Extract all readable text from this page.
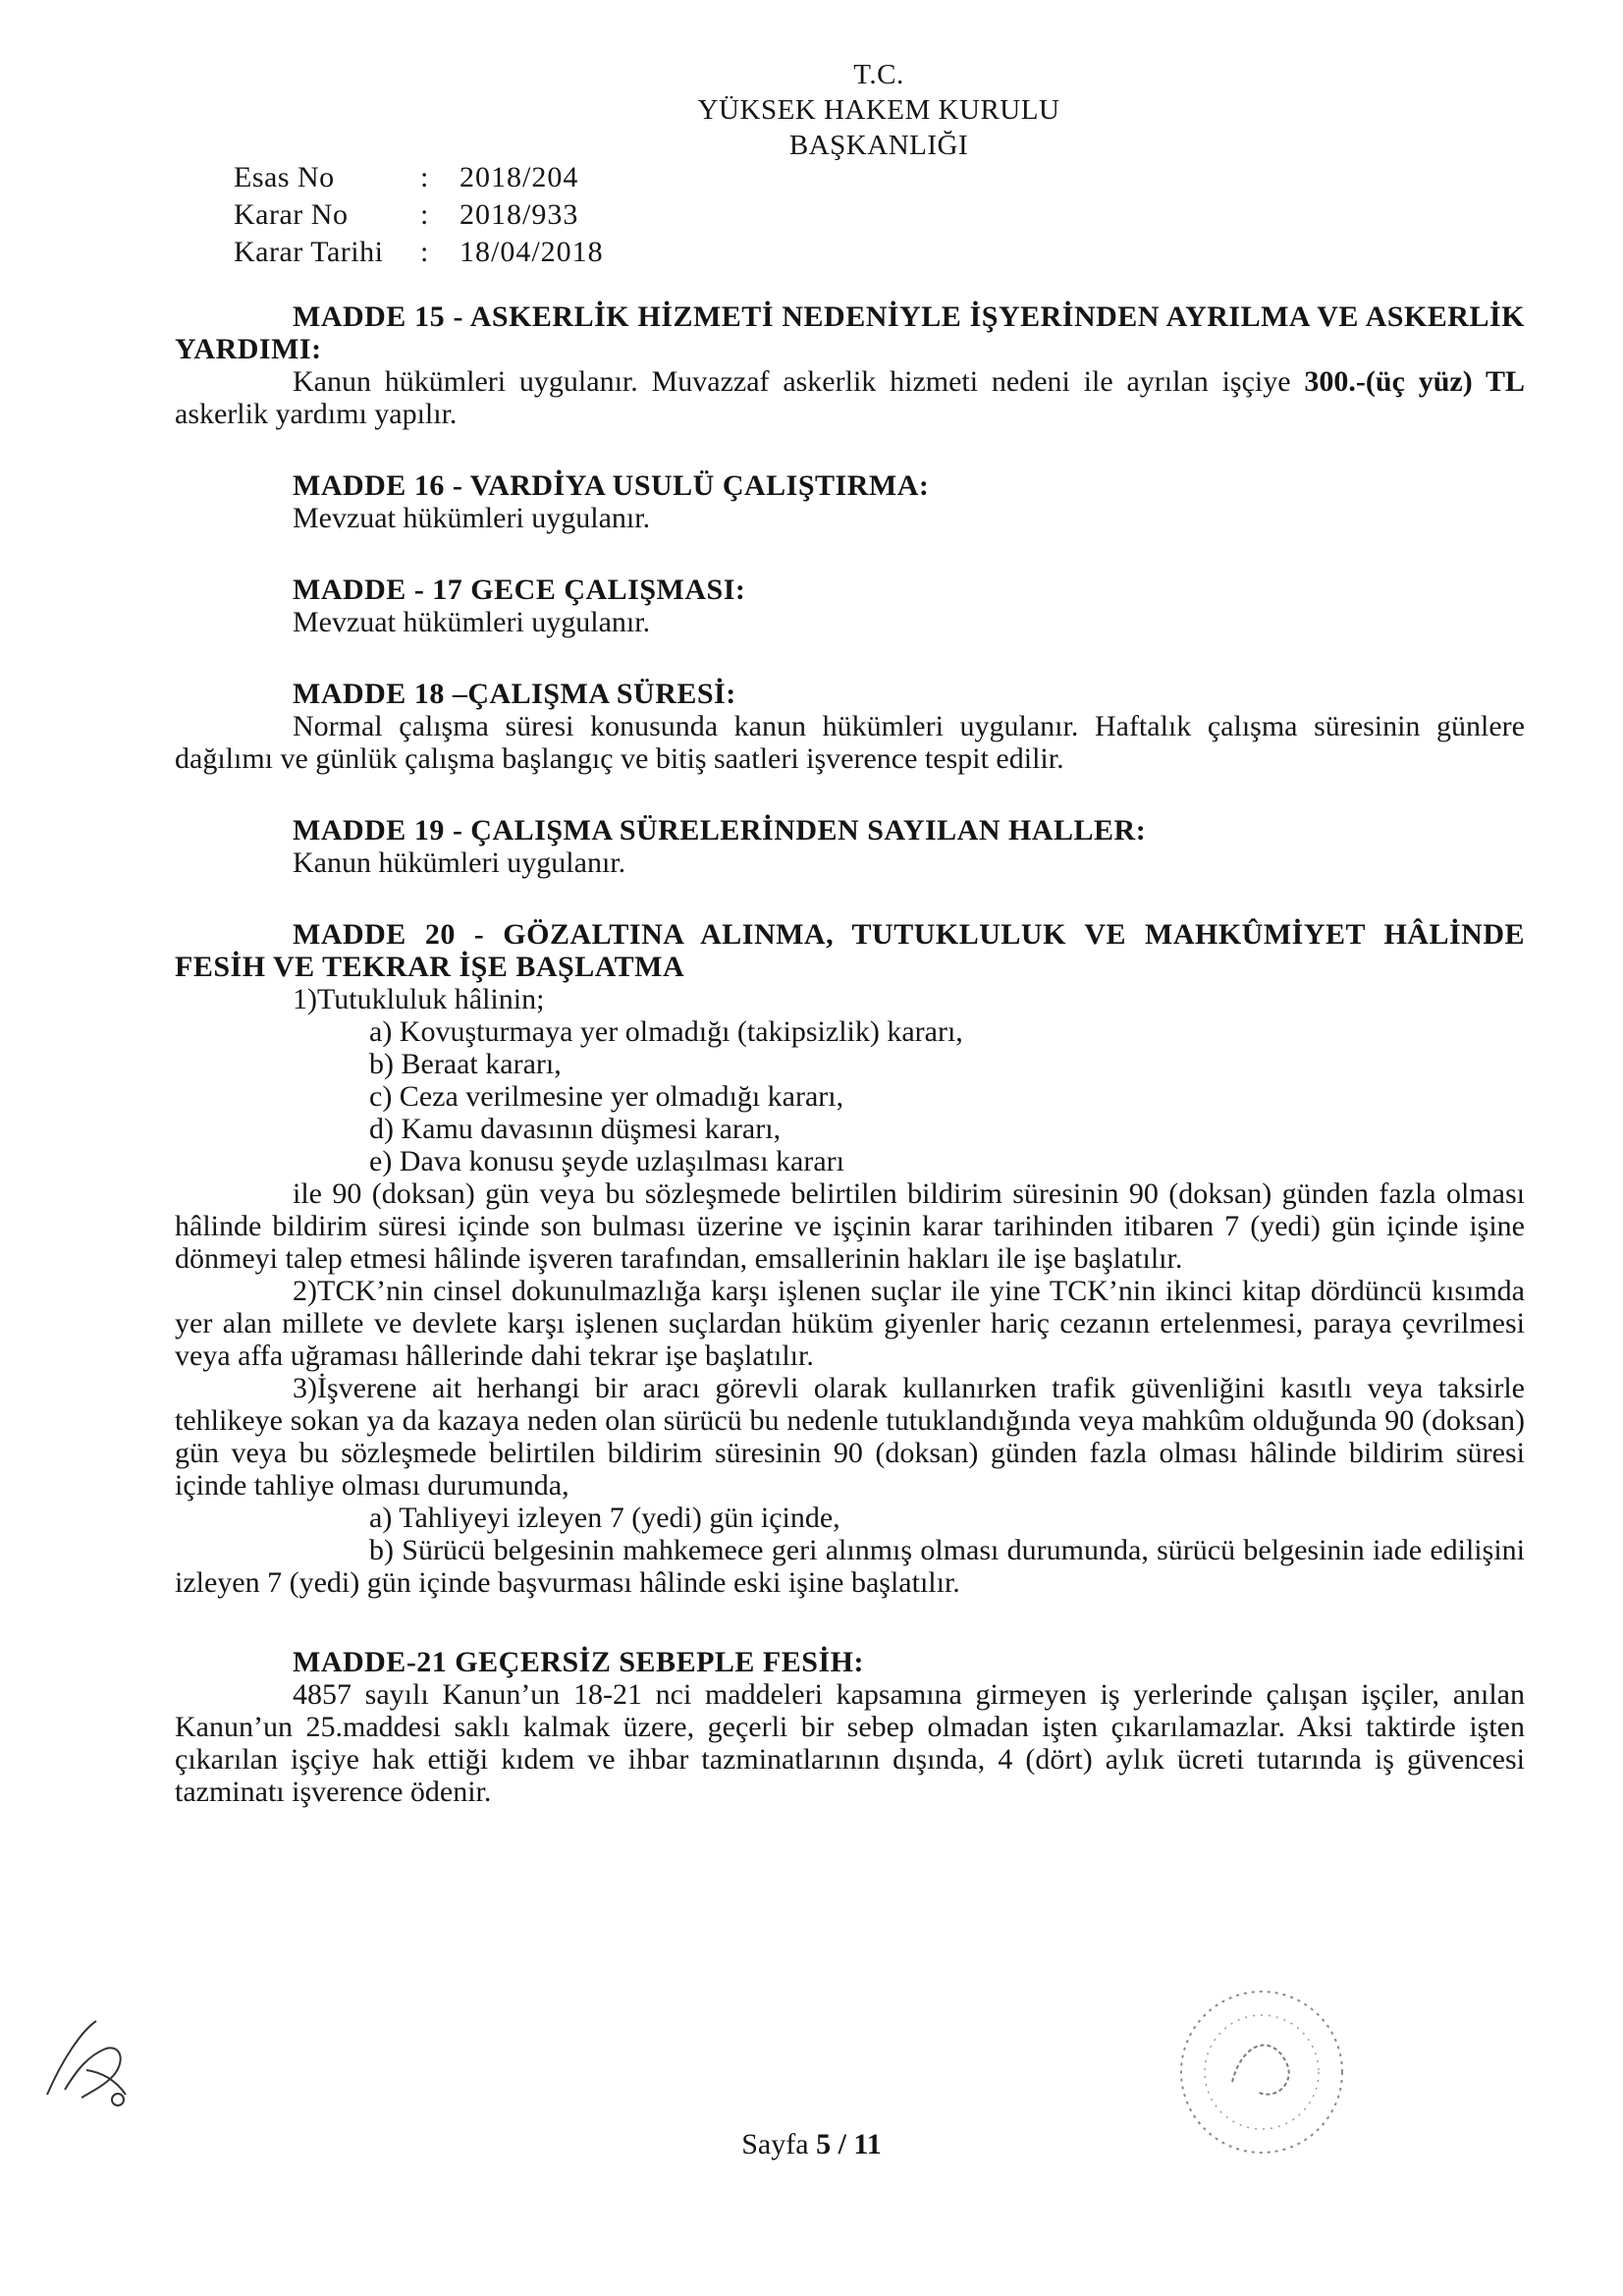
T.C.
YÜKSEK HAKEM KURULU
BAŞKANLIĞI
Esas No	:	2018/204
Karar No	:	2018/933
Karar Tarihi	:	18/04/2018

MADDE 15 - ASKERLİK HİZMETİ NEDENİYLE İŞYERİNDEN AYRILMA VE ASKERLİK YARDIMI:

Kanun hükümleri uygulanır. Muvazzaf askerlik hizmeti nedeni ile ayrılan işçiye 300.-(üç yüz) TL askerlik yardımı yapılır.

MADDE 16 - VARDİYA USULÜ ÇALIŞTIRMA:

Mevzuat hükümleri uygulanır.

MADDE - 17 GECE ÇALIŞMASI:

Mevzuat hükümleri uygulanır.

MADDE 18 –ÇALIŞMA SÜRESİ:

Normal çalışma süresi konusunda kanun hükümleri uygulanır. Haftalık çalışma süresinin günlere dağılımı ve günlük çalışma başlangıç ve bitiş saatleri işverence tespit edilir.

MADDE 19 - ÇALIŞMA SÜRELERİNDEN SAYILAN HALLER:

Kanun hükümleri uygulanır.

MADDE 20 - GÖZALTINA ALINMA, TUTUKLULUK VE MAHKÛMİYET HÂLİNDE FESİH VE TEKRAR İŞE BAŞLATMA

1)Tutukluluk hâlinin;

a) Kovuşturmaya yer olmadığı (takipsizlik) kararı,

b) Beraat kararı,

c) Ceza verilmesine yer olmadığı kararı,

d) Kamu davasının düşmesi kararı,

e) Dava konusu şeyde uzlaşılması kararı

ile 90 (doksan) gün veya bu sözleşmede belirtilen bildirim süresinin 90 (doksan) günden fazla olması hâlinde bildirim süresi içinde son bulması üzerine ve işçinin karar tarihinden itibaren 7 (yedi) gün içinde işine dönmeyi talep etmesi hâlinde işveren tarafından, emsallerinin hakları ile işe başlatılır.

2)TCK’nin cinsel dokunulmazlığa karşı işlenen suçlar ile yine TCK’nin ikinci kitap dördüncü kısımda yer alan millete ve devlete karşı işlenen suçlardan hüküm giyenler hariç cezanın ertelenmesi, paraya çevrilmesi veya affa uğraması hâllerinde dahi tekrar işe başlatılır.

3)İşverene ait herhangi bir aracı görevli olarak kullanırken trafik güvenliğini kasıtlı veya taksirle tehlikeye sokan ya da kazaya neden olan sürücü bu nedenle tutuklandığında veya mahkûm olduğunda 90 (doksan) gün veya bu sözleşmede belirtilen bildirim süresinin 90 (doksan) günden fazla olması hâlinde bildirim süresi içinde tahliye olması durumunda,

a) Tahliyeyi izleyen 7 (yedi) gün içinde,

b) Sürücü belgesinin mahkemece geri alınmış olması durumunda, sürücü belgesinin iade edilişini izleyen 7 (yedi) gün içinde başvurması hâlinde eski işine başlatılır.

MADDE-21 GEÇERSİZ SEBEPLE FESİH:

4857 sayılı Kanun’un 18-21 nci maddeleri kapsamına girmeyen iş yerlerinde çalışan işçiler, anılan Kanun’un 25.maddesi saklı kalmak üzere, geçerli bir sebep olmadan işten çıkarılamazlar. Aksi taktirde işten çıkarılan işçiye hak ettiği kıdem ve ihbar tazminatlarının dışında, 4 (dört) aylık ücreti tutarında iş güvencesi tazminatı işverence ödenir.

Sayfa 5 / 11
